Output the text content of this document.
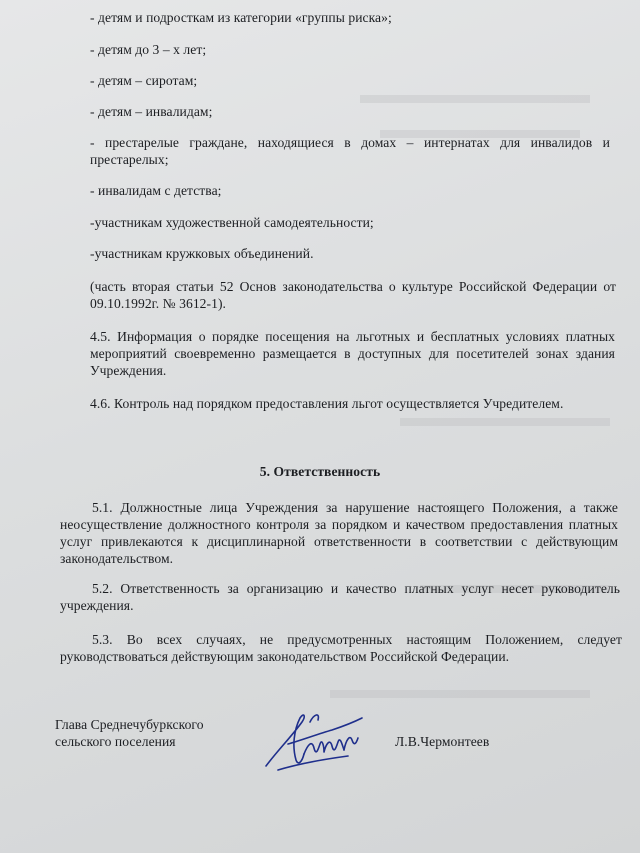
- детям и подросткам из категории «группы риска»;
- детям до 3 – х лет;
- детям – сиротам;
- детям – инвалидам;
- престарелые граждане, находящиеся в домах – интернатах для инвалидов и
престарелых;
- инвалидам с детства;
-участникам художественной самодеятельности;
-участникам кружковых объединений.
(часть вторая статьи 52 Основ законодательства о культуре Российской Федерации от
09.10.1992г. № 3612-1).
4.5. Информация о порядке посещения на льготных и бесплатных условиях платных
мероприятий своевременно размещается в доступных для посетителей зонах здания
Учреждения.
4.6. Контроль над порядком предоставления льгот осуществляется Учредителем.
5. Ответственность
5.1. Должностные лица Учреждения за нарушение настоящего Положения, а также
неосуществление должностного контроля за порядком и качеством предоставления платных
услуг привлекаются к дисциплинарной ответственности в соответствии с действующим
законодательством.
5.2. Ответственность за организацию и качество платных услуг несет руководитель
учреждения.
5.3. Во всех случаях, не предусмотренных настоящим Положением, следует
руководствоваться действующим законодательством Российской Федерации.
Глава Среднечубуркского
сельского поселения	Л.В.Чермонтеев
